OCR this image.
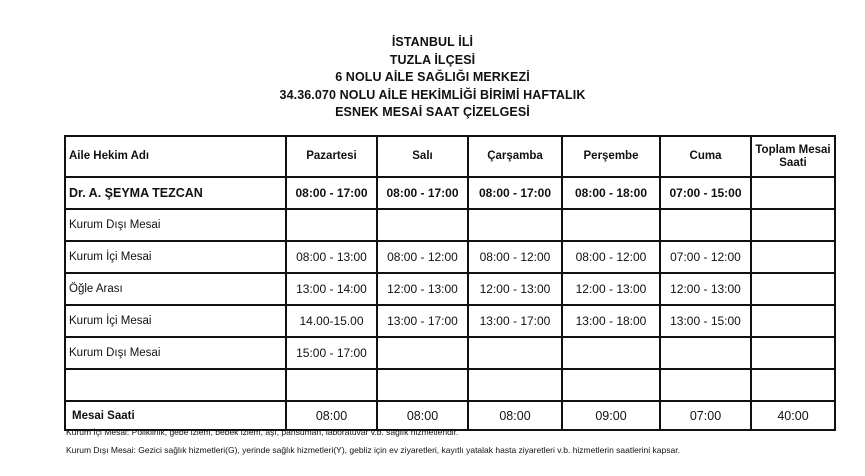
İSTANBUL İLİ
TUZLA İLÇESİ
6 NOLU AİLE SAĞLIĞI MERKEZİ
34.36.070 NOLU AİLE HEKİMLİĞİ BİRİMİ HAFTALIK
ESNEK MESAİ SAAT ÇİZELGESİ
Aile Hekim Adı	Pazartesi	Salı	Çarşamba	Perşembe	Cuma	Toplam Mesai Saati
Dr. A. ŞEYMA TEZCAN	08:00 - 17:00	08:00 - 17:00	08:00 - 17:00	08:00 - 18:00	07:00 - 15:00	
Kurum Dışı Mesai						
Kurum İçi Mesai	08:00 - 13:00	08:00 - 12:00	08:00 - 12:00	08:00 - 12:00	07:00 - 12:00	
Öğle Arası	13:00 - 14:00	12:00 - 13:00	12:00 - 13:00	12:00 - 13:00	12:00 - 13:00	
Kurum İçi Mesai	14.00-15.00	13:00 - 17:00	13:00 - 17:00	13:00 - 18:00	13:00 - 15:00	
Kurum Dışı Mesai	15:00 - 17:00					

Mesai Saati	08:00	08:00	08:00	09:00	07:00	40:00
Kurum İçi Mesai: Poliklinik, gebe izlem, bebek izlem, aşı, pansuman, laboratuvar v.b. sağlık hizmetleridir.
Kurum Dışı Mesai: Gezici sağlık hizmetleri(G), yerinde sağlık hizmetleri(Y), gebliz için ev ziyaretleri, kayıtlı yatalak hasta ziyaretleri v.b. hizmetlerin saatlerini kapsar.
